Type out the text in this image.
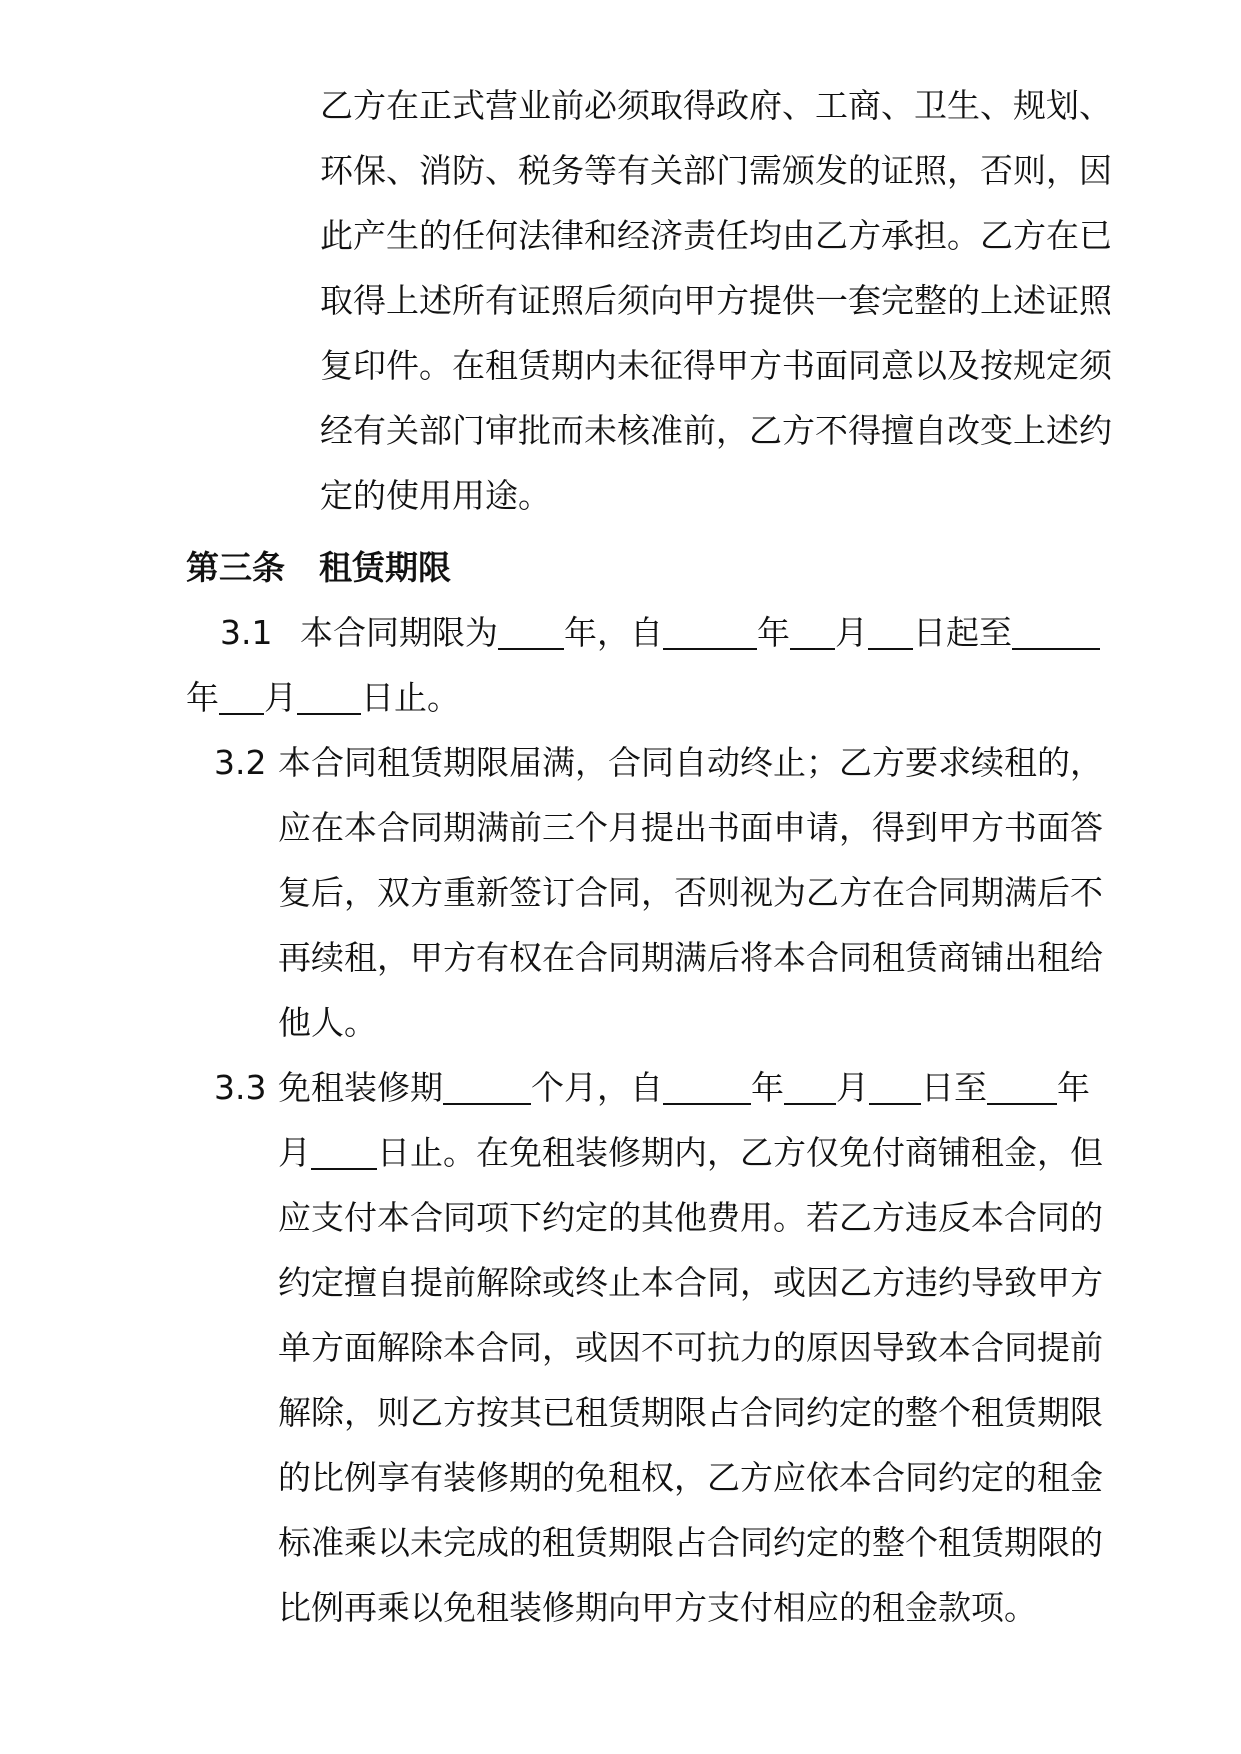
乙方在正式营业前必须取得政府、工商、卫生、规划、
环保、消防、税务等有关部门需颁发的证照，否则，因
此产生的任何法律和经济责任均由乙方承担。乙方在已
取得上述所有证照后须向甲方提供一套完整的上述证照
复印件。在租赁期内未征得甲方书面同意以及按规定须
经有关部门审批而未核准前，乙方不得擅自改变上述约
定的使用用途。
第三条 租赁期限
3.1 本合同期限为 年，自	年 月 日起至
年 月 日止。
3.2 本合同租赁期限届满，合同自动终止；乙方要求续租的，
应在本合同期满前三个月提出书面申请，得到甲方书面答
复后，双方重新签订合同，否则视为乙方在合同期满后不
再续租，甲方有权在合同期满后将本合同租赁商铺出租给
他人。
3.3 免租装修期	个月，自	年 月 日至 年
月 日止。在免租装修期内，乙方仅免付商铺租金，但
应支付本合同项下约定的其他费用。若乙方违反本合同的
约定擅自提前解除或终止本合同，或因乙方违约导致甲方
单方面解除本合同，或因不可抗力的原因导致本合同提前
解除，则乙方按其已租赁期限占合同约定的整个租赁期限
的比例享有装修期的免租权，乙方应依本合同约定的租金
标准乘以未完成的租赁期限占合同约定的整个租赁期限的
比例再乘以免租装修期向甲方支付相应的租金款项。
